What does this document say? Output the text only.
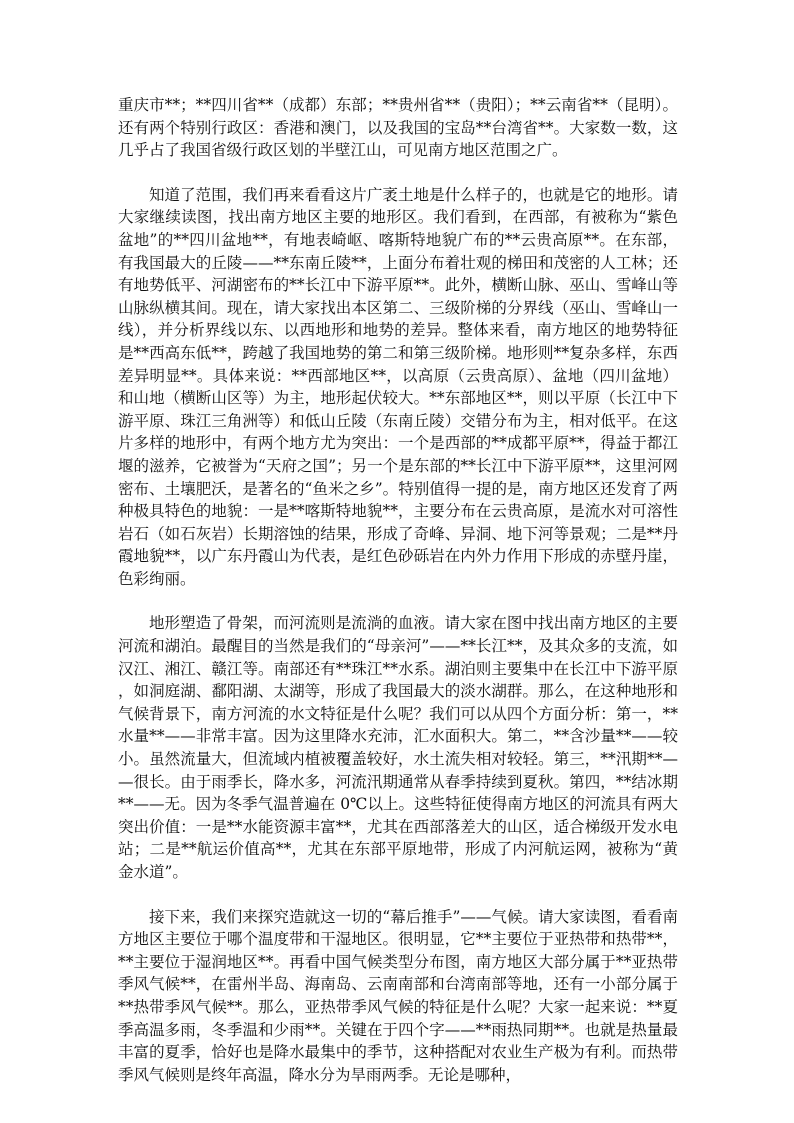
重庆市**；**四川省**（成都）东部；**贵州省**（贵阳）；**云南省**（昆明）。还有两个特别行政区：香港和澳门，以及我国的宝岛**台湾省**。大家数一数，这几乎占了我国省级行政区划的半壁江山，可见南方地区范围之广。

知道了范围，我们再来看看这片广袤土地是什么样子的，也就是它的地形。请大家继续读图，找出南方地区主要的地形区。我们看到，在西部，有被称为“紫色盆地”的**四川盆地**，有地表崎岖、喀斯特地貌广布的**云贵高原**。在东部，有我国最大的丘陵——**东南丘陵**，上面分布着壮观的梯田和茂密的人工林；还有地势低平、河湖密布的**长江中下游平原**。此外，横断山脉、巫山、雪峰山等山脉纵横其间。现在，请大家找出本区第二、三级阶梯的分界线（巫山、雪峰山一线），并分析界线以东、以西地形和地势的差异。整体来看，南方地区的地势特征是**西高东低**，跨越了我国地势的第二和第三级阶梯。地形则**复杂多样，东西差异明显**。具体来说：**西部地区**，以高原（云贵高原）、盆地（四川盆地）和山地（横断山区等）为主，地形起伏较大。**东部地区**，则以平原（长江中下游平原、珠江三角洲等）和低山丘陵（东南丘陵）交错分布为主，相对低平。在这片多样的地形中，有两个地方尤为突出：一个是西部的**成都平原**，得益于都江堰的滋养，它被誉为“天府之国”；另一个是东部的**长江中下游平原**，这里河网密布、土壤肥沃，是著名的“鱼米之乡”。特别值得一提的是，南方地区还发育了两种极具特色的地貌：一是**喀斯特地貌**，主要分布在云贵高原，是流水对可溶性岩石（如石灰岩）长期溶蚀的结果，形成了奇峰、异洞、地下河等景观；二是**丹霞地貌**，以广东丹霞山为代表，是红色砂砾岩在内外力作用下形成的赤壁丹崖，色彩绚丽。

地形塑造了骨架，而河流则是流淌的血液。请大家在图中找出南方地区的主要河流和湖泊。最醒目的当然是我们的“母亲河”——**长江**，及其众多的支流，如汉江、湘江、赣江等。南部还有**珠江**水系。湖泊则主要集中在长江中下游平原，如洞庭湖、鄱阳湖、太湖等，形成了我国最大的淡水湖群。那么，在这种地形和气候背景下，南方河流的水文特征是什么呢？我们可以从四个方面分析：第一，**水量**——非常丰富。因为这里降水充沛，汇水面积大。第二，**含沙量**——较小。虽然流量大，但流域内植被覆盖较好，水土流失相对较轻。第三，**汛期**——很长。由于雨季长，降水多，河流汛期通常从春季持续到夏秋。第四，**结冰期**——无。因为冬季气温普遍在 0℃以上。这些特征使得南方地区的河流具有两大突出价值：一是**水能资源丰富**，尤其在西部落差大的山区，适合梯级开发水电站；二是**航运价值高**，尤其在东部平原地带，形成了内河航运网，被称为“黄金水道”。

接下来，我们来探究造就这一切的“幕后推手”——气候。请大家读图，看看南方地区主要位于哪个温度带和干湿地区。很明显，它**主要位于亚热带和热带**，**主要位于湿润地区**。再看中国气候类型分布图，南方地区大部分属于**亚热带季风气候**，在雷州半岛、海南岛、云南南部和台湾南部等地，还有一小部分属于**热带季风气候**。那么，亚热带季风气候的特征是什么呢？大家一起来说：**夏季高温多雨，冬季温和少雨**。关键在于四个字——**雨热同期**。也就是热量最丰富的夏季，恰好也是降水最集中的季节，这种搭配对农业生产极为有利。而热带季风气候则是终年高温，降水分为旱雨两季。无论是哪种，
